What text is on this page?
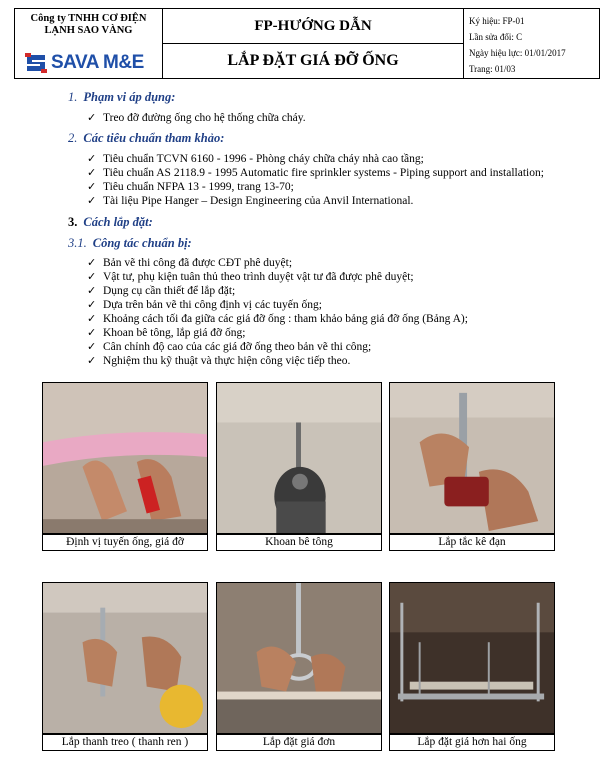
Công ty TNHH CƠ ĐIỆN
LẠNH SAO VÀNG
SAVA M&E
FP-HƯỚNG DẪN
LẮP ĐẶT GIÁ ĐỠ ỐNG
Ký hiệu: FP-01
Lần sửa đổi: C
Ngày hiệu lực: 01/01/2017
Trang: 01/03
1. Phạm vi áp dụng:
✓ Treo đỡ đường ống cho hệ thống chữa cháy.
2. Các tiêu chuẩn tham khảo:
✓ Tiêu chuẩn TCVN 6160 - 1996 - Phòng cháy chữa cháy nhà cao tầng;
✓ Tiêu chuẩn AS 2118.9 - 1995 Automatic fire sprinkler systems - Piping support and installation;
✓ Tiêu chuẩn NFPA 13 - 1999, trang 13-70;
✓ Tài liệu Pipe Hanger – Design Engineering của Anvil International.
3. Cách lắp đặt:
3.1. Công tác chuẩn bị:
✓ Bản vẽ thi công đã được CĐT phê duyệt;
✓ Vật tư, phụ kiện tuân thủ theo trình duyệt vật tư đã được phê duyệt;
✓ Dụng cụ cần thiết để lắp đặt;
✓ Dựa trên bản vẽ thi công định vị các tuyến ống;
✓ Khoảng cách tối đa giữa các giá đỡ ống : tham khảo bảng giá đỡ ống (Bảng A);
✓ Khoan bê tông, lắp giá đỡ ống;
✓ Cân chỉnh độ cao của các giá đỡ ống theo bản vẽ thi công;
✓ Nghiệm thu kỹ thuật và thực hiện công việc tiếp theo.
Định vị tuyến ống, giá đỡ	Khoan bê tông	Lắp tắc kê đạn
Lắp thanh treo ( thanh ren )	Lắp đặt giá đơn	Lắp đặt giá hơn hai ống
